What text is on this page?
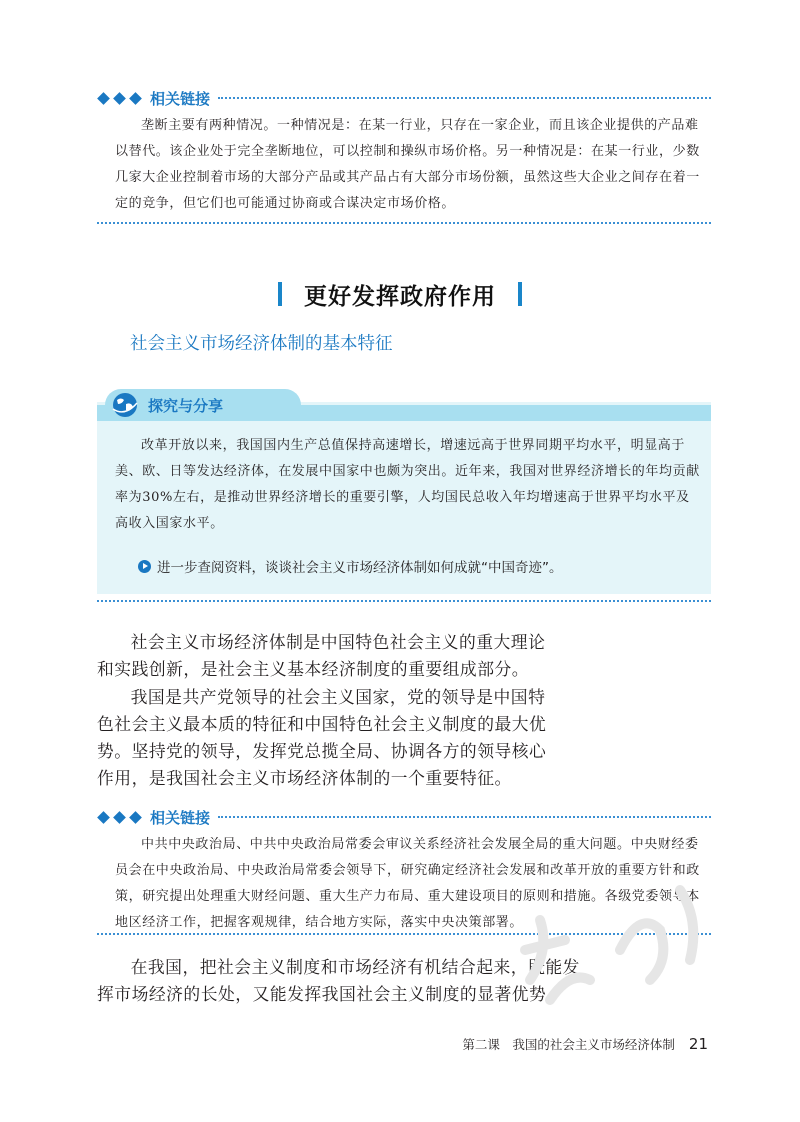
相关链接

垄断主要有两种情况。一种情况是：在某一行业，只存在一家企业，而且该企业提供的产品难以替代。该企业处于完全垄断地位，可以控制和操纵市场价格。另一种情况是：在某一行业，少数几家大企业控制着市场的大部分产品或其产品占有大部分市场份额，虽然这些大企业之间存在着一定的竞争，但它们也可能通过协商或合谋决定市场价格。

更好发挥政府作用
社会主义市场经济体制的基本特征
探究与分享

改革开放以来，我国国内生产总值保持高速增长，增速远高于世界同期平均水平，明显高于美、欧、日等发达经济体，在发展中国家中也颇为突出。近年来，我国对世界经济增长的年均贡献率为30%左右，是推动世界经济增长的重要引擎，人均国民总收入年均增速高于世界平均水平及高收入国家水平。

进一步查阅资料，谈谈社会主义市场经济体制如何成就“中国奇迹”。

社会主义市场经济体制是中国特色社会主义的重大理论和实践创新，是社会主义基本经济制度的重要组成部分。

我国是共产党领导的社会主义国家，党的领导是中国特色社会主义最本质的特征和中国特色社会主义制度的最大优势。坚持党的领导，发挥党总揽全局、协调各方的领导核心作用，是我国社会主义市场经济体制的一个重要特征。

相关链接

中共中央政治局、中共中央政治局常委会审议关系经济社会发展全局的重大问题。中央财经委员会在中央政治局、中央政治局常委会领导下，研究确定经济社会发展和改革开放的重要方针和政策，研究提出处理重大财经问题、重大生产力布局、重大建设项目的原则和措施。各级党委领导本地区经济工作，把握客观规律，结合地方实际，落实中央决策部署。

在我国，把社会主义制度和市场经济有机结合起来，既能发挥市场经济的长处，又能发挥我国社会主义制度的显著优势。

第二课　我国的社会主义市场经济体制 21
